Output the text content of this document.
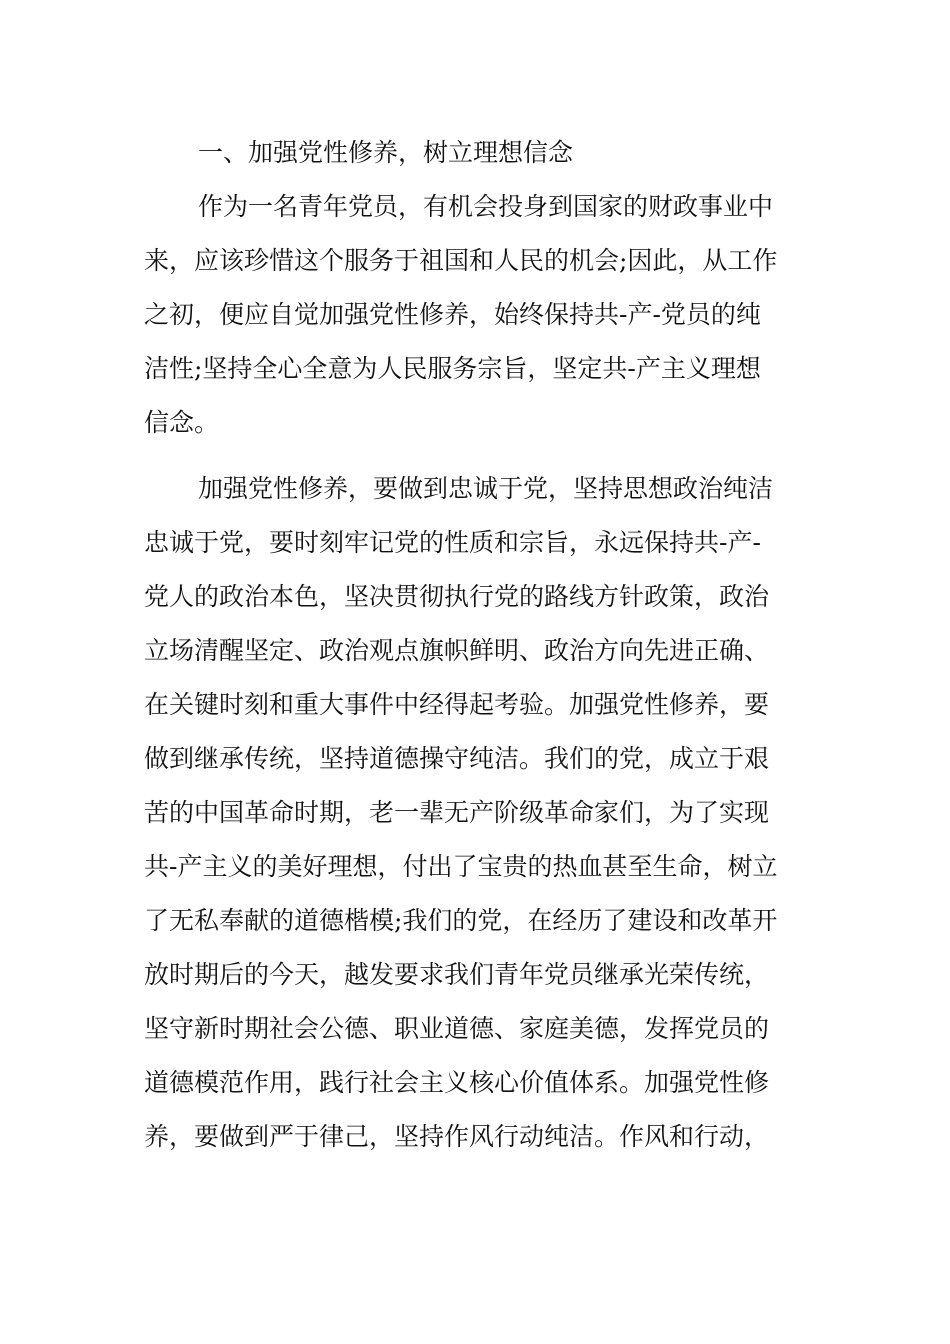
一、加强党性修养，树立理想信念
作为一名青年党员，有机会投身到国家的财政事业中
来，应该珍惜这个服务于祖国和人民的机会;因此，从工作
之初，便应自觉加强党性修养，始终保持共-产-党员的纯
洁性;坚持全心全意为人民服务宗旨，坚定共-产主义理想
信念。
加强党性修养，要做到忠诚于党，坚持思想政治纯洁
忠诚于党，要时刻牢记党的性质和宗旨，永远保持共-产-
党人的政治本色，坚决贯彻执行党的路线方针政策，政治
立场清醒坚定、政治观点旗帜鲜明、政治方向先进正确、
在关键时刻和重大事件中经得起考验。加强党性修养，要
做到继承传统，坚持道德操守纯洁。我们的党，成立于艰
苦的中国革命时期，老一辈无产阶级革命家们，为了实现
共-产主义的美好理想，付出了宝贵的热血甚至生命，树立
了无私奉献的道德楷模;我们的党，在经历了建设和改革开
放时期后的今天，越发要求我们青年党员继承光荣传统，
坚守新时期社会公德、职业道德、家庭美德，发挥党员的
道德模范作用，践行社会主义核心价值体系。加强党性修
养，要做到严于律己，坚持作风行动纯洁。作风和行动，
